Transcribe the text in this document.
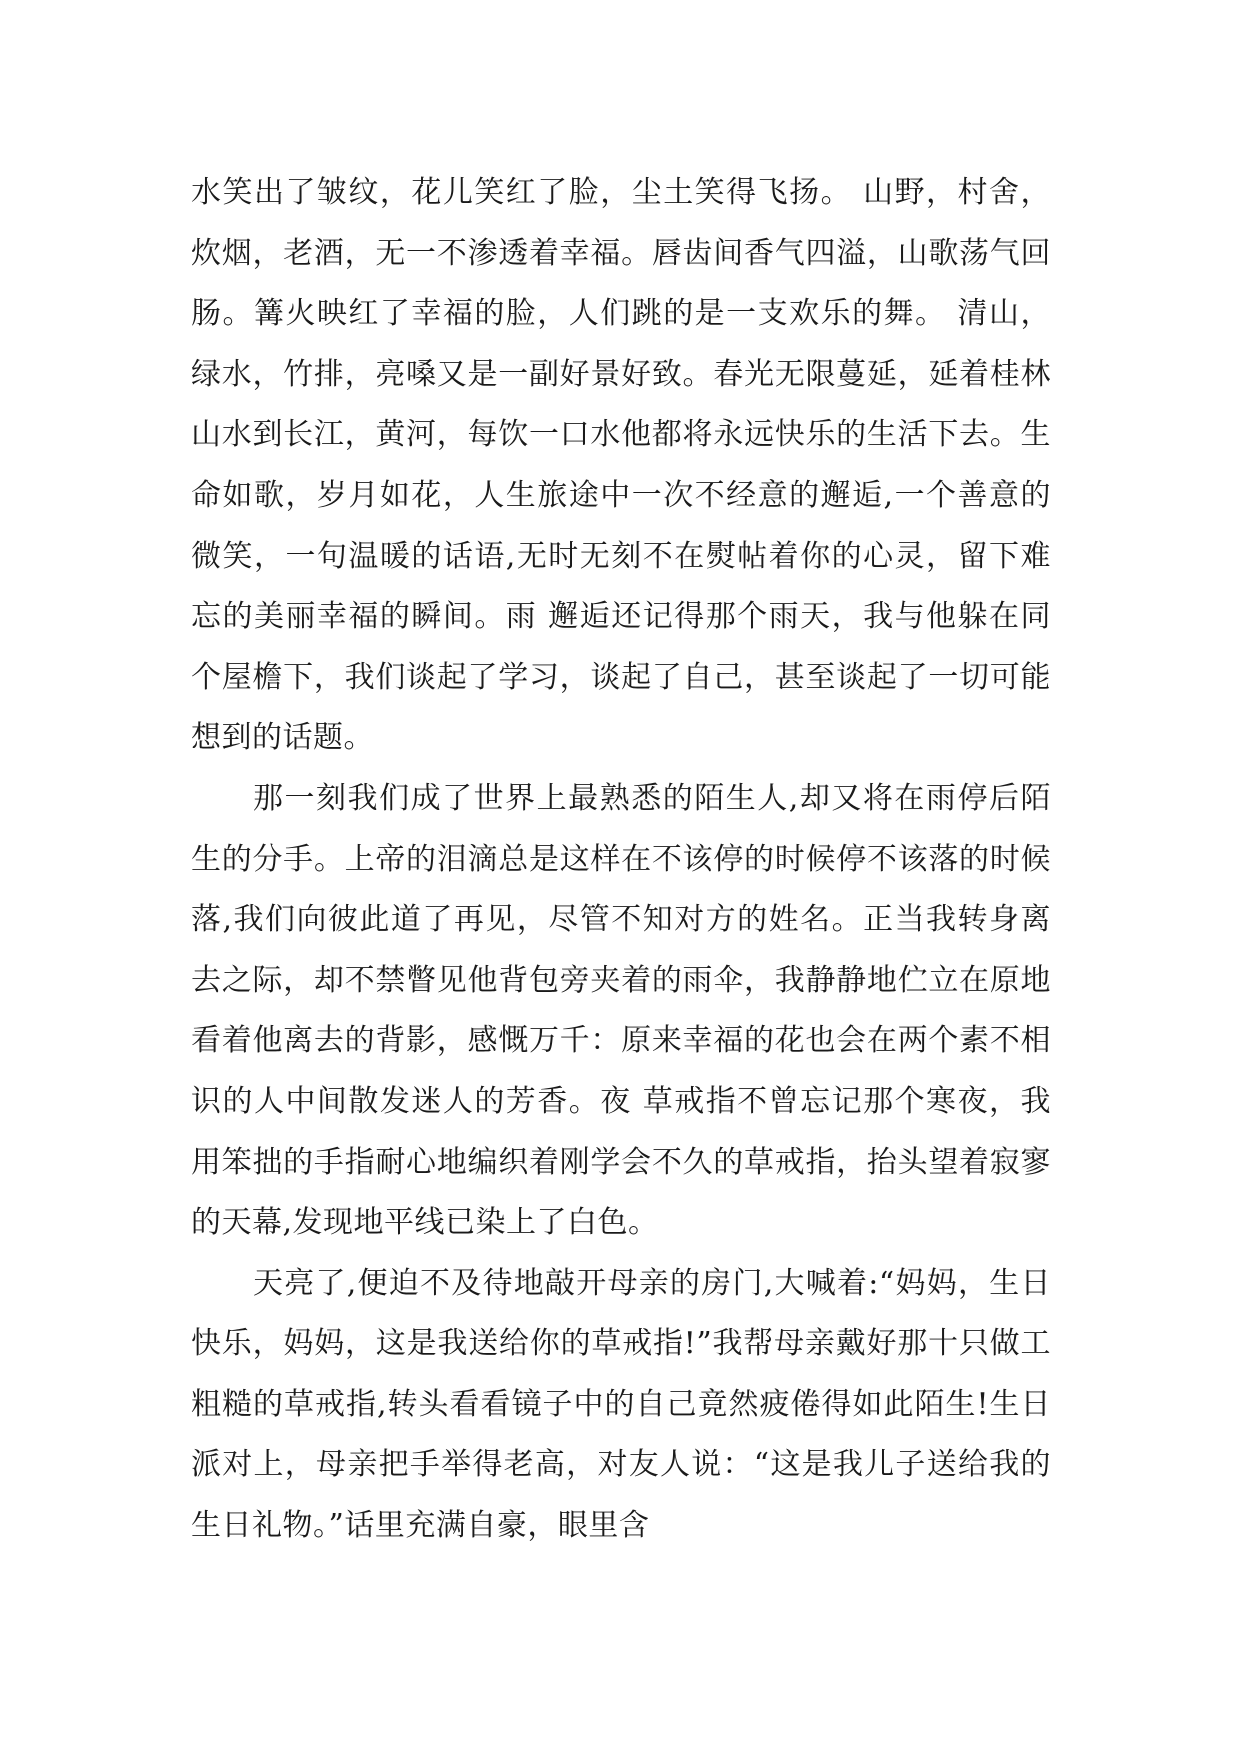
水笑出了皱纹，花儿笑红了脸，尘土笑得飞扬。 山野，村舍，炊烟，老酒，无一不渗透着幸福。唇齿间香气四溢，山歌荡气回肠。篝火映红了幸福的脸，人们跳的是一支欢乐的舞。 清山，绿水，竹排，亮嗓又是一副好景好致。春光无限蔓延，延着桂林山水到长江，黄河，每饮一口水他都将永远快乐的生活下去。生命如歌，岁月如花，人生旅途中一次不经意的邂逅,一个善意的微笑，一句温暖的话语,无时无刻不在熨帖着你的心灵，留下难忘的美丽幸福的瞬间。雨 邂逅还记得那个雨天，我与他躲在同个屋檐下，我们谈起了学习，谈起了自己，甚至谈起了一切可能想到的话题。

那一刻我们成了世界上最熟悉的陌生人,却又将在雨停后陌生的分手。上帝的泪滴总是这样在不该停的时候停不该落的时候落,我们向彼此道了再见，尽管不知对方的姓名。正当我转身离去之际，却不禁瞥见他背包旁夹着的雨伞，我静静地伫立在原地看着他离去的背影，感慨万千：原来幸福的花也会在两个素不相识的人中间散发迷人的芳香。夜 草戒指不曾忘记那个寒夜，我用笨拙的手指耐心地编织着刚学会不久的草戒指，抬头望着寂寥的天幕,发现地平线已染上了白色。

天亮了,便迫不及待地敲开母亲的房门,大喊着:“妈妈，生日快乐，妈妈，这是我送给你的草戒指!”我帮母亲戴好那十只做工粗糙的草戒指,转头看看镜子中的自己竟然疲倦得如此陌生!生日派对上，母亲把手举得老高，对友人说：“这是我儿子送给我的生日礼物。”话里充满自豪，眼里含
